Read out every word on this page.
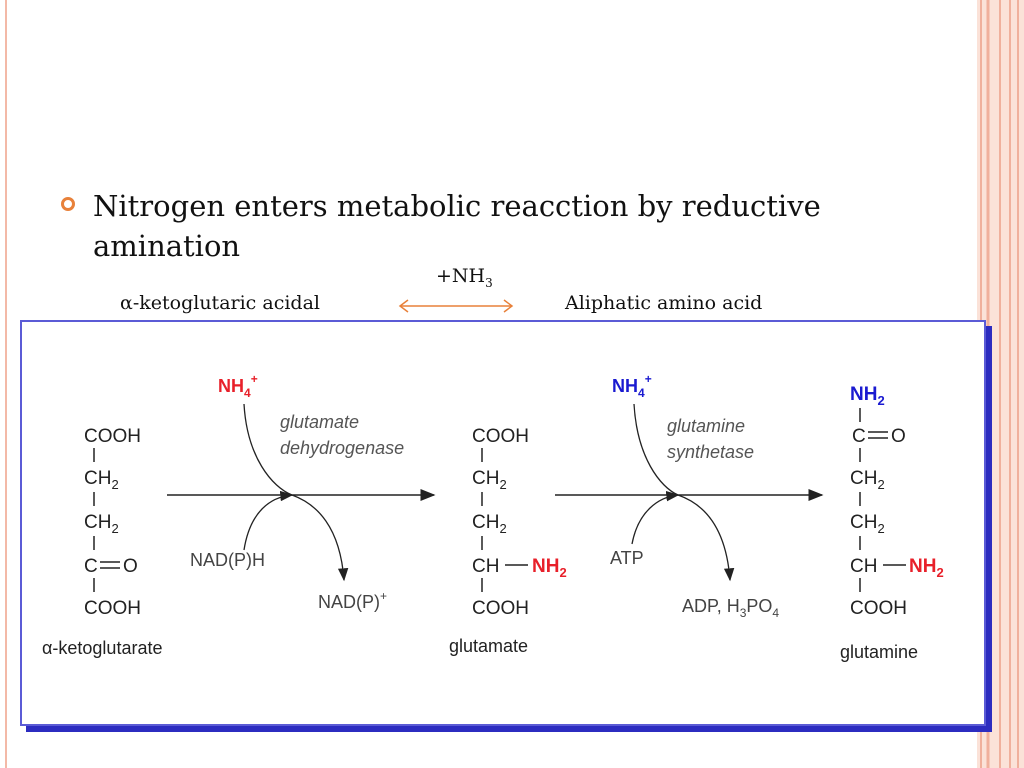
Nitrogen enters metabolic reacction by reductive amination
α-ketoglutaric acidal	Aliphatic amino acid
$+NH_3$
COOH
$CH_2$
$CH_2$
C O
COOH
α-ketoglutarate
$NH_4^+$
glutamate
dehydrogenase
NAD(P)H
NAD(P)+
COOH
$CH_2$
$CH_2$
CH $NH_2$
COOH
glutamate
$NH_4^+$
glutamine
synthetase
ATP
ADP, $H_3PO_4$
$NH_2$
C O
$CH_2$
$CH_2$
CH $NH_2$
COOH
glutamine
